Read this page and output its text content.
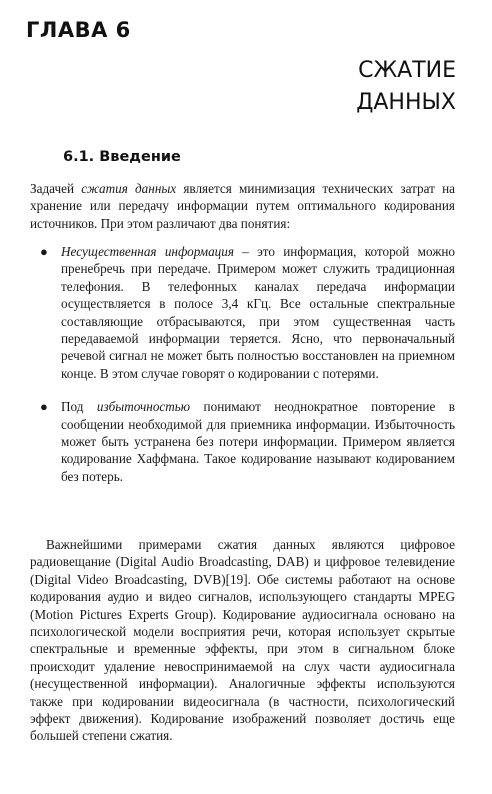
ГЛАВА 6
СЖАТИЕ
ДАННЫХ
6.1. Введение
Задачей сжатия данных является минимизация технических затрат на хранение или передачу информации путем оптимального кодирования источников. При этом различают два понятия:
● Несущественная информация – это информация, которой можно пренебречь при передаче. Примером может служить традиционная телефония. В телефонных каналах передача информации осуществляется в полосе 3,4 кГц. Все остальные спектральные составляющие отбрасываются, при этом существенная часть передаваемой информации теряется. Ясно, что первоначальный речевой сигнал не может быть полностью восстановлен на приемном конце. В этом случае говорят о кодировании с потерями.
● Под избыточностью понимают неоднократное повторение в сообщении необходимой для приемника информации. Избыточность может быть устранена без потери информации. Примером является кодирование Хаффмана. Такое кодирование называют кодированием без потерь.
Важнейшими примерами сжатия данных являются цифровое радиовещание (Digital Audio Broadcasting, DAB) и цифровое телевидение (Digital Video Broadcasting, DVB)[19]. Обе системы работают на основе кодирования аудио и видео сигналов, использующего стандарты MPEG (Motion Pictures Experts Group). Кодирование аудиосигнала основано на психологической модели восприятия речи, которая использует скрытые спектральные и временные эффекты, при этом в сигнальном блоке происходит удаление невоспринимаемой на слух части аудиосигнала (несущественной информации). Аналогичные эффекты используются также при кодировании видеосигнала (в частности, психологический эффект движения). Кодирование изображений позволяет достичь еще большей степени сжатия.
